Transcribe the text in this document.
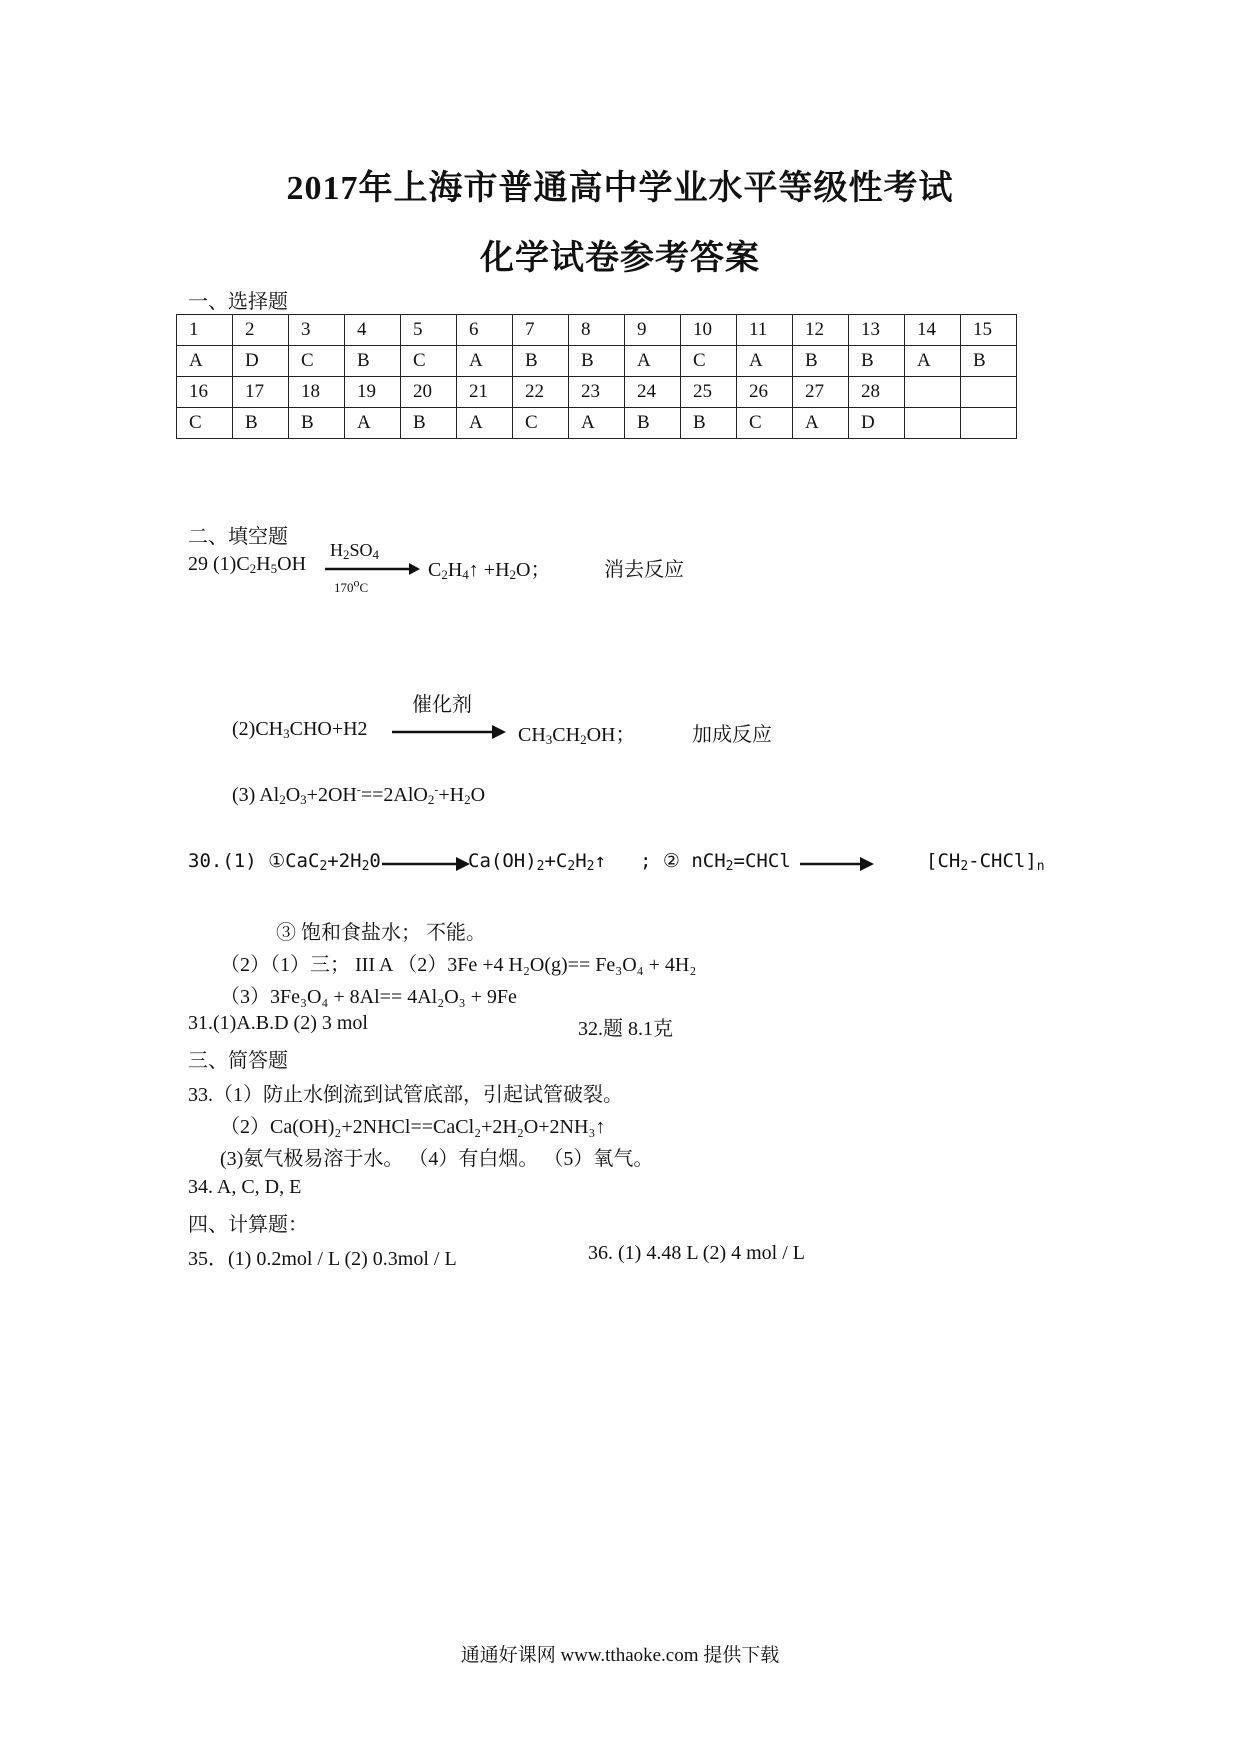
2017年上海市普通高中学业水平等级性考试
化学试卷参考答案
一、选择题
1	2	3	4	5	6	7	8	9	10	11	12	13	14	15
A	D	C	B	C	A	B	B	A	C	A	B	B	A	B
16	17	18	19	20	21	22	23	24	25	26	27	28		
C	B	B	A	B	A	C	A	B	B	C	A	D		
二、填空题
29 $(1)C_2H_5OH$
$H_2SO_4$
170$^o$C
$C_2H_4↑ +H_2O$；	消去反应
催化剂
$(2)CH_3CHO+H2$	$CH_3CH_2OH$；	加成反应
(3) $Al_2O_3+2OH^-==2AlO_2^-+H_2O$
30.(1) $①CaC_2+2H_20$	$Ca(OH)_2+C_2H_2↑$ ; ② nCH$_2$=CHCl	$[CH_2-CHCl]_n$
③ 饱和食盐水； 不能。
（2）（1）三； III A （2）3Fe +4 H₂O(g)== Fe₃O₄ + 4H₂
（3）3Fe₃O₄ + 8Al== 4Al₂O₃ + 9Fe
31.(1)A.B.D (2) 3 mol	32.题 8.1克
三、简答题
33.（1）防止水倒流到试管底部，引起试管破裂。
（2）Ca(OH)₂+2NHCl==CaCl₂+2H₂O+2NH₃↑
(3)氨气极易溶于水。 （4）有白烟。 （5）氧气。
34. A, C, D, E
四、计算题：
35．(1) 0.2mol / L (2) 0.3mol / L	36. (1) 4.48 L (2) 4 mol / L
通通好课网 www.tthaoke.com 提供下载
